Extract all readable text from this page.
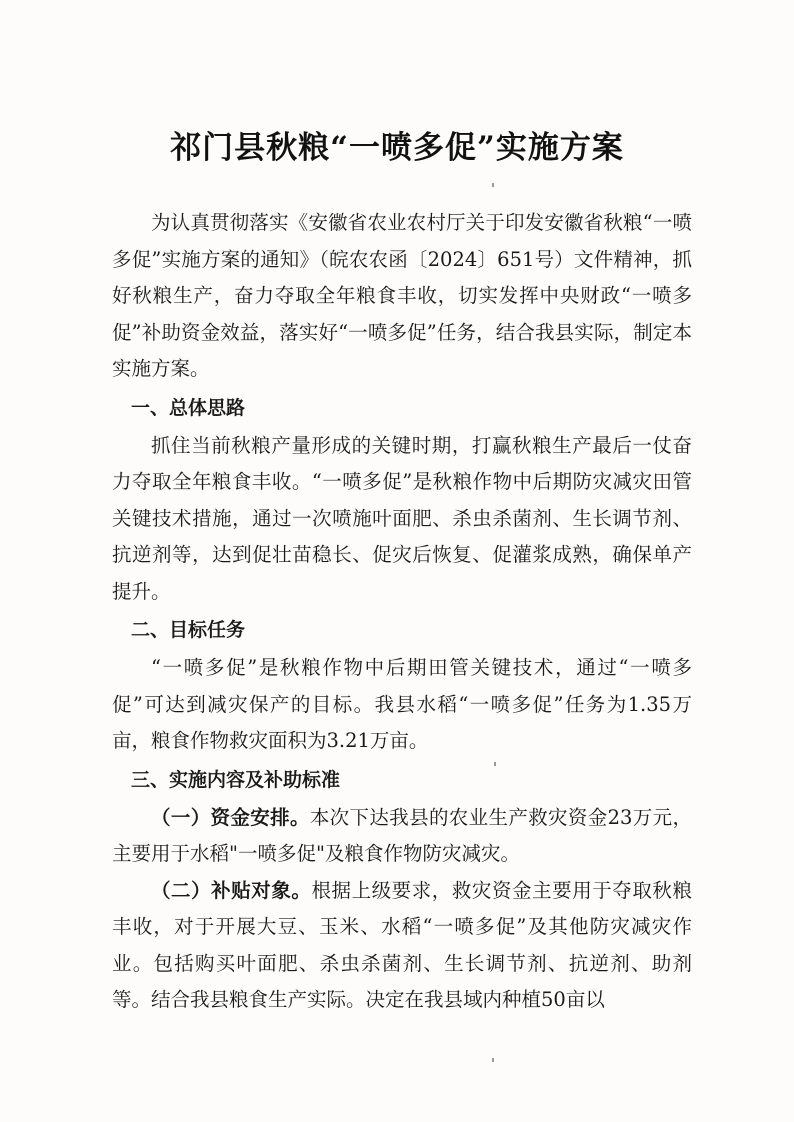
祁门县秋粮“一喷多促”实施方案

为认真贯彻落实《安徽省农业农村厅关于印发安徽省秋粮“一喷多促”实施方案的通知》（皖农农函〔2024〕651号）文件精神，抓好秋粮生产，奋力夺取全年粮食丰收，切实发挥中央财政“一喷多促”补助资金效益，落实好“一喷多促”任务，结合我县实际，制定本实施方案。

一、总体思路

抓住当前秋粮产量形成的关键时期，打赢秋粮生产最后一仗奋力夺取全年粮食丰收。“一喷多促”是秋粮作物中后期防灾减灾田管关键技术措施，通过一次喷施叶面肥、杀虫杀菌剂、生长调节剂、抗逆剂等，达到促壮苗稳长、促灾后恢复、促灌浆成熟，确保单产提升。

二、目标任务

“一喷多促”是秋粮作物中后期田管关键技术，通过“一喷多促”可达到减灾保产的目标。我县水稻“一喷多促”任务为1.35万亩，粮食作物救灾面积为3.21万亩。

三、实施内容及补助标准

（一）资金安排。本次下达我县的农业生产救灾资金23万元，主要用于水稻"一喷多促"及粮食作物防灾减灾。

（二）补贴对象。根据上级要求，救灾资金主要用于夺取秋粮丰收，对于开展大豆、玉米、水稻“一喷多促”及其他防灾减灾作业。包括购买叶面肥、杀虫杀菌剂、生长调节剂、抗逆剂、助剂等。结合我县粮食生产实际。决定在我县域内种植50亩以
